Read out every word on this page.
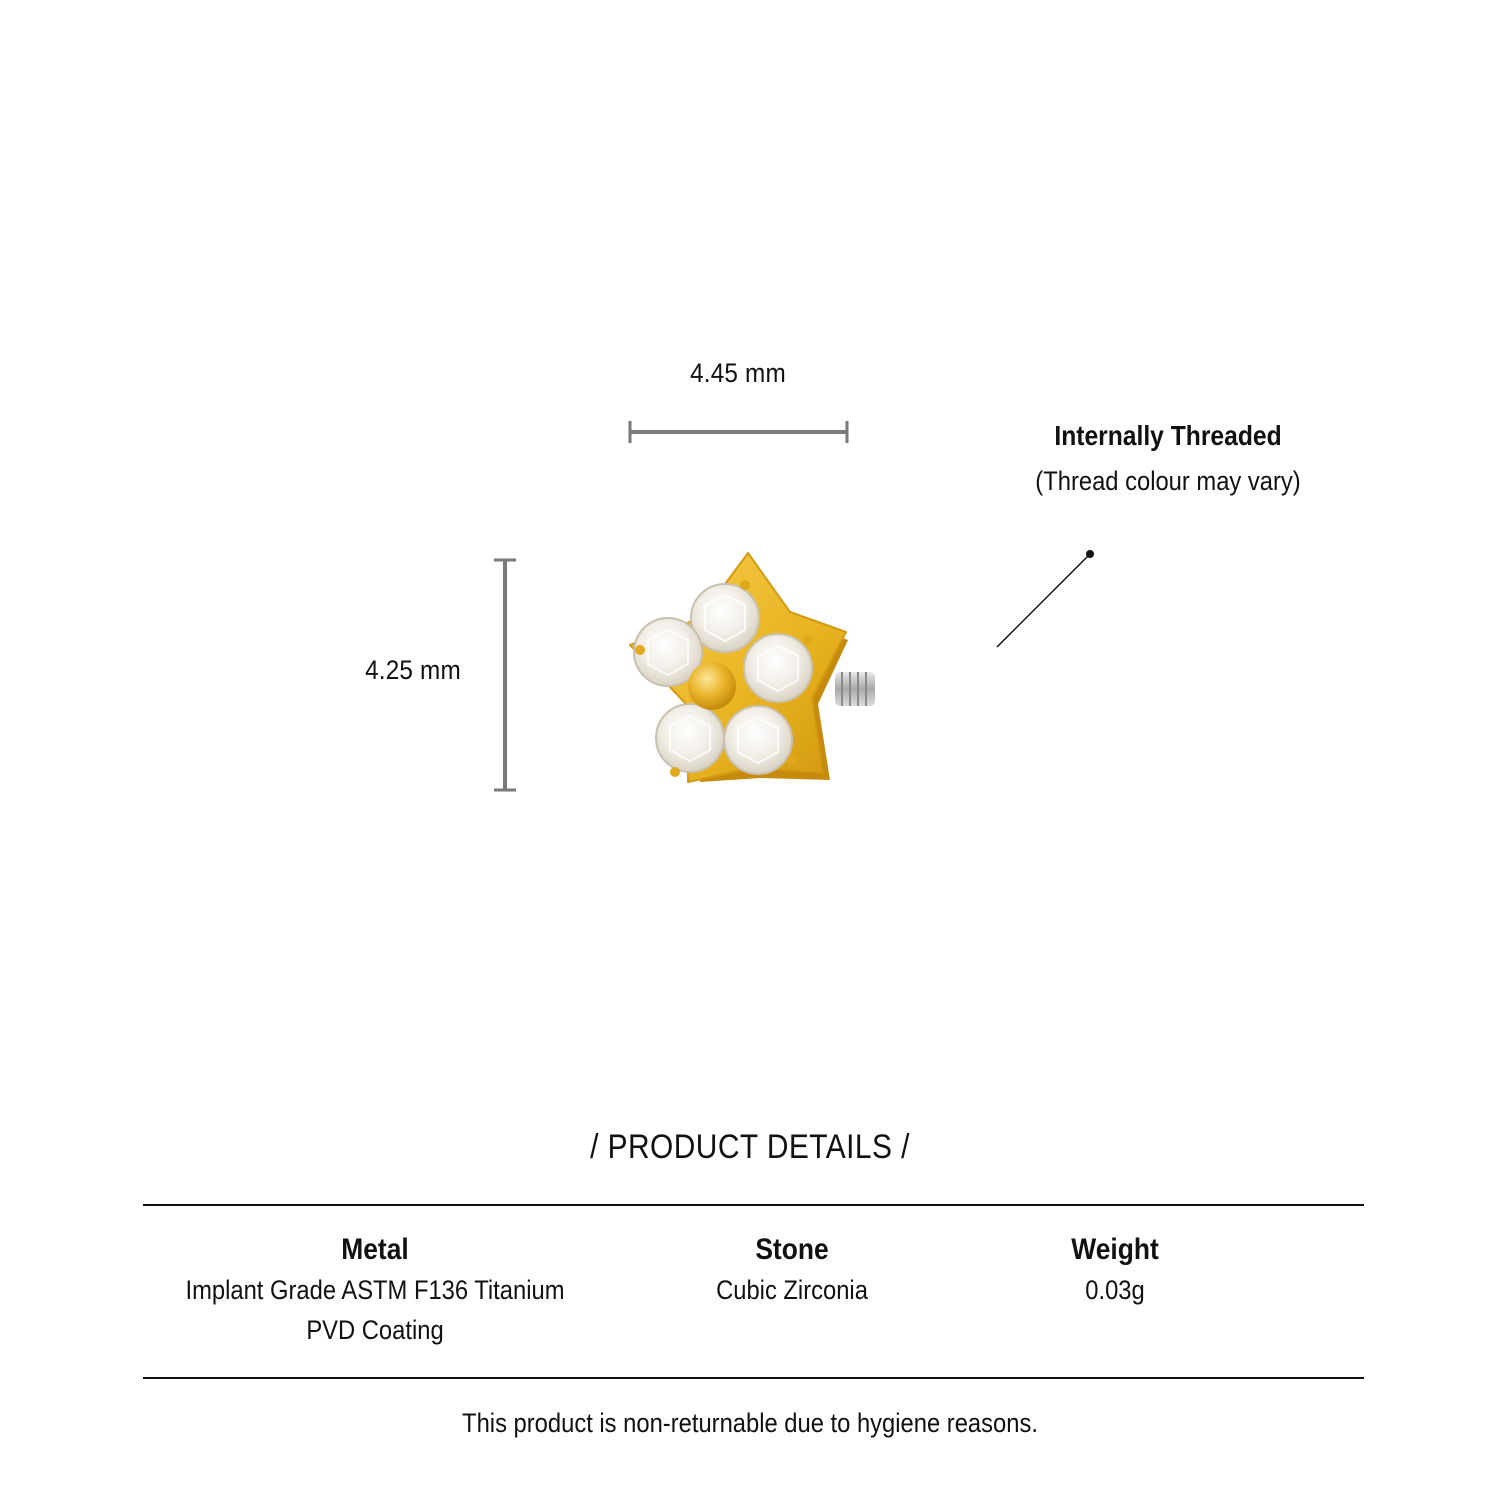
4.45 mm
4.25 mm
Internally Threaded
(Thread colour may vary)
/ PRODUCT DETAILS /
Metal
Implant Grade ASTM F136 Titanium
PVD Coating
Stone
Cubic Zirconia
Weight
0.03g
This product is non-returnable due to hygiene reasons.
